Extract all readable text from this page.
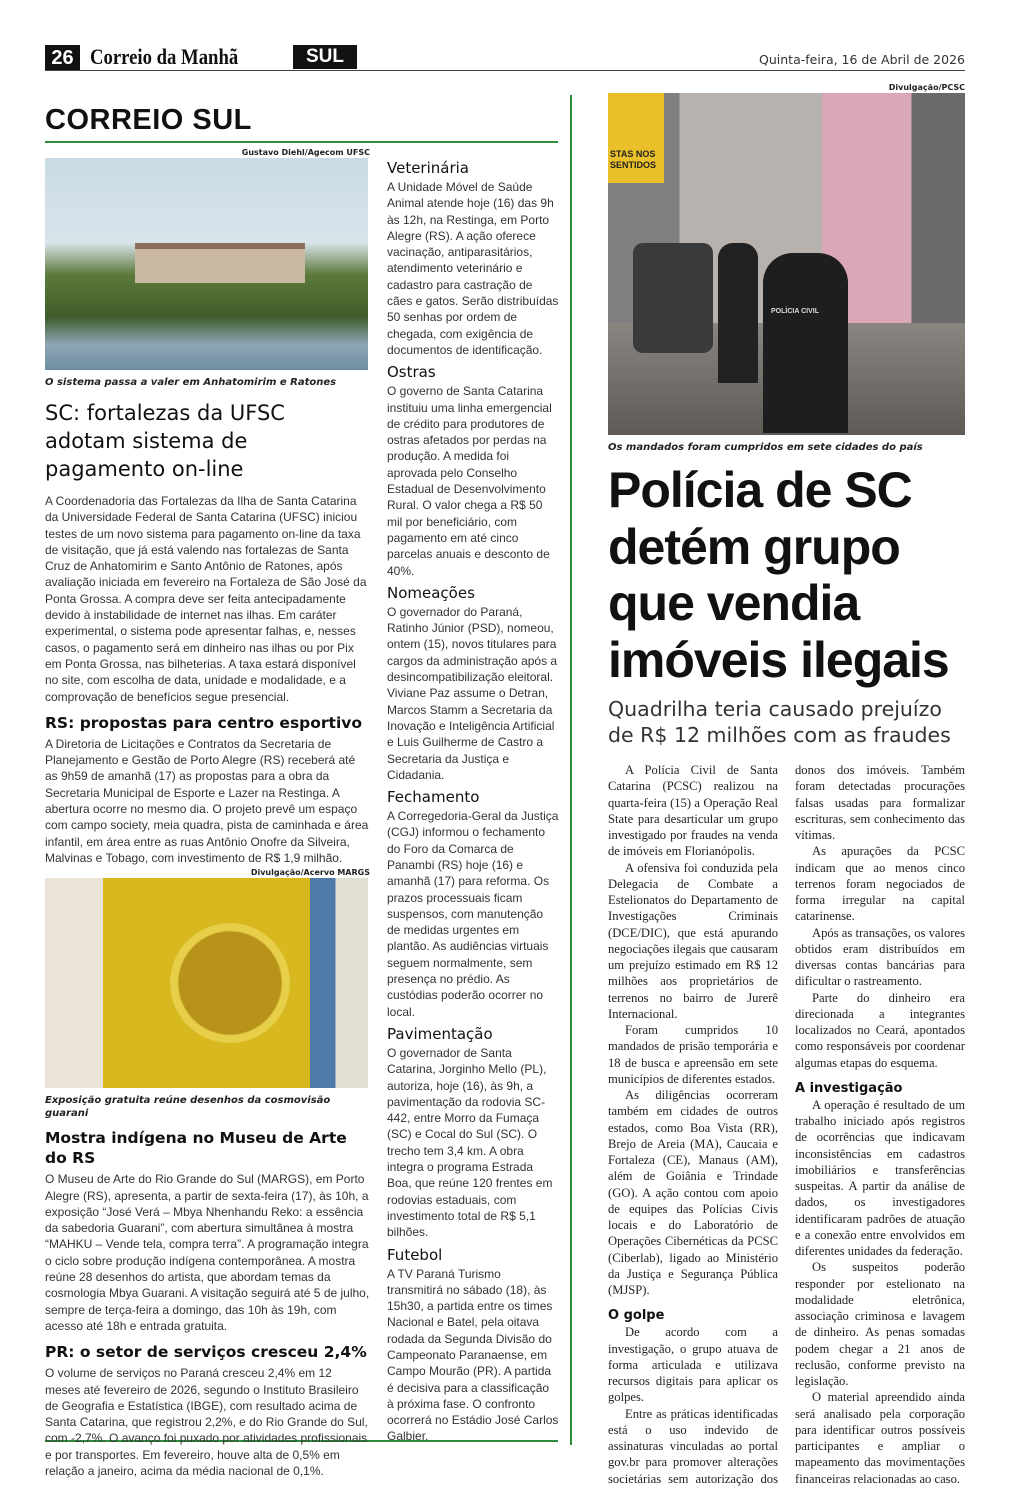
26 Correio da Manhã	SUL	Quinta-feira, 16 de Abril de 2026
CORREIO SUL
Gustavo Diehl/Agecom UFSC
O sistema passa a valer em Anhatomirim e Ratones
SC: fortalezas da UFSC adotam sistema de pagamento on-line
A Coordenadoria das Fortalezas da Ilha de Santa Catarina da Universidade Federal de Santa Catarina (UFSC) iniciou testes de um novo sistema para pagamento on-line da taxa de visitação, que já está valendo nas fortalezas de Santa Cruz de Anhatomirim e Santo Antônio de Ratones, após avaliação iniciada em fevereiro na Fortaleza de São José da Ponta Grossa. A compra deve ser feita antecipadamente devido à instabilidade de internet nas ilhas. Em caráter experimental, o sistema pode apresentar falhas, e, nesses casos, o pagamento será em dinheiro nas ilhas ou por Pix em Ponta Grossa, nas bilheterias. A taxa estará disponível no site, com escolha de data, unidade e modalidade, e a comprovação de benefícios segue presencial.
RS: propostas para centro esportivo
A Diretoria de Licitações e Contratos da Secretaria de Planejamento e Gestão de Porto Alegre (RS) receberá até as 9h59 de amanhã (17) as propostas para a obra da Secretaria Municipal de Esporte e Lazer na Restinga. A abertura ocorre no mesmo dia. O projeto prevê um espaço com campo society, meia quadra, pista de caminhada e área infantil, em área entre as ruas Antônio Onofre da Silveira, Malvinas e Tobago, com investimento de R$ 1,9 milhão.
Divulgação/Acervo MARGS
Exposição gratuita reúne desenhos da cosmovisão guarani
Mostra indígena no Museu de Arte do RS
O Museu de Arte do Rio Grande do Sul (MARGS), em Porto Alegre (RS), apresenta, a partir de sexta-feira (17), às 10h, a exposição “José Verá – Mbya Nhenhandu Reko: a essência da sabedoria Guarani”, com abertura simultânea à mostra “MAHKU – Vende tela, compra terra”. A programação integra o ciclo sobre produção indígena contemporânea. A mostra reúne 28 desenhos do artista, que abordam temas da cosmologia Mbya Guarani. A visitação seguirá até 5 de julho, sempre de terça-feira a domingo, das 10h às 19h, com acesso até 18h e entrada gratuita.
PR: o setor de serviços cresceu 2,4%
O volume de serviços no Paraná cresceu 2,4% em 12 meses até fevereiro de 2026, segundo o Instituto Brasileiro de Geografia e Estatística (IBGE), com resultado acima de Santa Catarina, que registrou 2,2%, e do Rio Grande do Sul, com -2,7%. O avanço foi puxado por atividades profissionais e por transportes. Em fevereiro, houve alta de 0,5% em relação a janeiro, acima da média nacional de 0,1%.
Veterinária

A Unidade Móvel de Saúde Animal atende hoje (16) das 9h às 12h, na Restinga, em Porto Alegre (RS). A ação oferece vacinação, antiparasitários, atendimento veterinário e cadastro para castração de cães e gatos. Serão distribuídas 50 senhas por ordem de chegada, com exigência de documentos de identificação.

Ostras

O governo de Santa Catarina instituiu uma linha emergencial de crédito para produtores de ostras afetados por perdas na produção. A medida foi aprovada pelo Conselho Estadual de Desenvolvimento Rural. O valor chega a R$ 50 mil por beneficiário, com pagamento em até cinco parcelas anuais e desconto de 40%.

Nomeações

O governador do Paraná, Ratinho Júnior (PSD), nomeou, ontem (15), novos titulares para cargos da administração após a desincompatibilização eleitoral. Viviane Paz assume o Detran, Marcos Stamm a Secretaria da Inovação e Inteligência Artificial e Luis Guilherme de Castro a Secretaria da Justiça e Cidadania.

Fechamento

A Corregedoria-Geral da Justiça (CGJ) informou o fechamento do Foro da Comarca de Panambi (RS) hoje (16) e amanhã (17) para reforma. Os prazos processuais ficam suspensos, com manutenção de medidas urgentes em plantão. As audiências virtuais seguem normalmente, sem presença no prédio. As custódias poderão ocorrer no local.

Pavimentação

O governador de Santa Catarina, Jorginho Mello (PL), autoriza, hoje (16), às 9h, a pavimentação da rodovia SC-442, entre Morro da Fumaça (SC) e Cocal do Sul (SC). O trecho tem 3,4 km. A obra integra o programa Estrada Boa, que reúne 120 frentes em rodovias estaduais, com investimento total de R$ 5,1 bilhões.

Futebol

A TV Paraná Turismo transmitirá no sábado (18), às 15h30, a partida entre os times Nacional e Batel, pela oitava rodada da Segunda Divisão do Campeonato Paranaense, em Campo Mourão (PR). A partida é decisiva para a classificação à próxima fase. O confronto ocorrerá no Estádio José Carlos Galbier.

Divulgação/PCSC
STAS NOS SENTIDOS
POLÍCIA CIVIL
Os mandados foram cumpridos em sete cidades do país
Polícia de SC detém grupo que vendia imóveis ilegais
Quadrilha teria causado prejuízo de R$ 12 milhões com as fraudes

A Polícia Civil de Santa Catarina (PCSC) realizou na quarta-feira (15) a Operação Real State para desarticular um grupo investigado por fraudes na venda de imóveis em Florianópolis.

A ofensiva foi conduzida pela Delegacia de Combate a Estelionatos do Departamento de Investigações Criminais (DCE/DIC), que está apurando negociações ilegais que causaram um prejuízo estimado em R$ 12 milhões aos proprietários de terrenos no bairro de Jurerê Internacional.

Foram cumpridos 10 mandados de prisão temporária e 18 de busca e apreensão em sete municípios de diferentes estados.

As diligências ocorreram também em cidades de outros estados, como Boa Vista (RR), Brejo de Areia (MA), Caucaia e Fortaleza (CE), Manaus (AM), além de Goiânia e Trindade (GO). A ação contou com apoio de equipes das Polícias Civis locais e do Laboratório de Operações Cibernéticas da PCSC (Ciberlab), ligado ao Ministério da Justiça e Segurança Pública (MJSP).

O golpe

De acordo com a investigação, o grupo atuava de forma articulada e utilizava recursos digitais para aplicar os golpes.

Entre as práticas identificadas está o uso indevido de assinaturas vinculadas ao portal gov.br para promover alterações societárias sem autorização dos donos dos imóveis. Também foram detectadas procurações falsas usadas para formalizar escrituras, sem conhecimento das vítimas.

As apurações da PCSC indicam que ao menos cinco terrenos foram negociados de forma irregular na capital catarinense.

Após as transações, os valores obtidos eram distribuídos em diversas contas bancárias para dificultar o rastreamento.

Parte do dinheiro era direcionada a integrantes localizados no Ceará, apontados como responsáveis por coordenar algumas etapas do esquema.

A investigação

A operação é resultado de um trabalho iniciado após registros de ocorrências que indicavam inconsistências em cadastros imobiliários e transferências suspeitas. A partir da análise de dados, os investigadores identificaram padrões de atuação e a conexão entre envolvidos em diferentes unidades da federação.

Os suspeitos poderão responder por estelionato na modalidade eletrônica, associação criminosa e lavagem de dinheiro. As penas somadas podem chegar a 21 anos de reclusão, conforme previsto na legislação.

O material apreendido ainda será analisado pela corporação para identificar outros possíveis participantes e ampliar o mapeamento das movimentações financeiras relacionadas ao caso.
